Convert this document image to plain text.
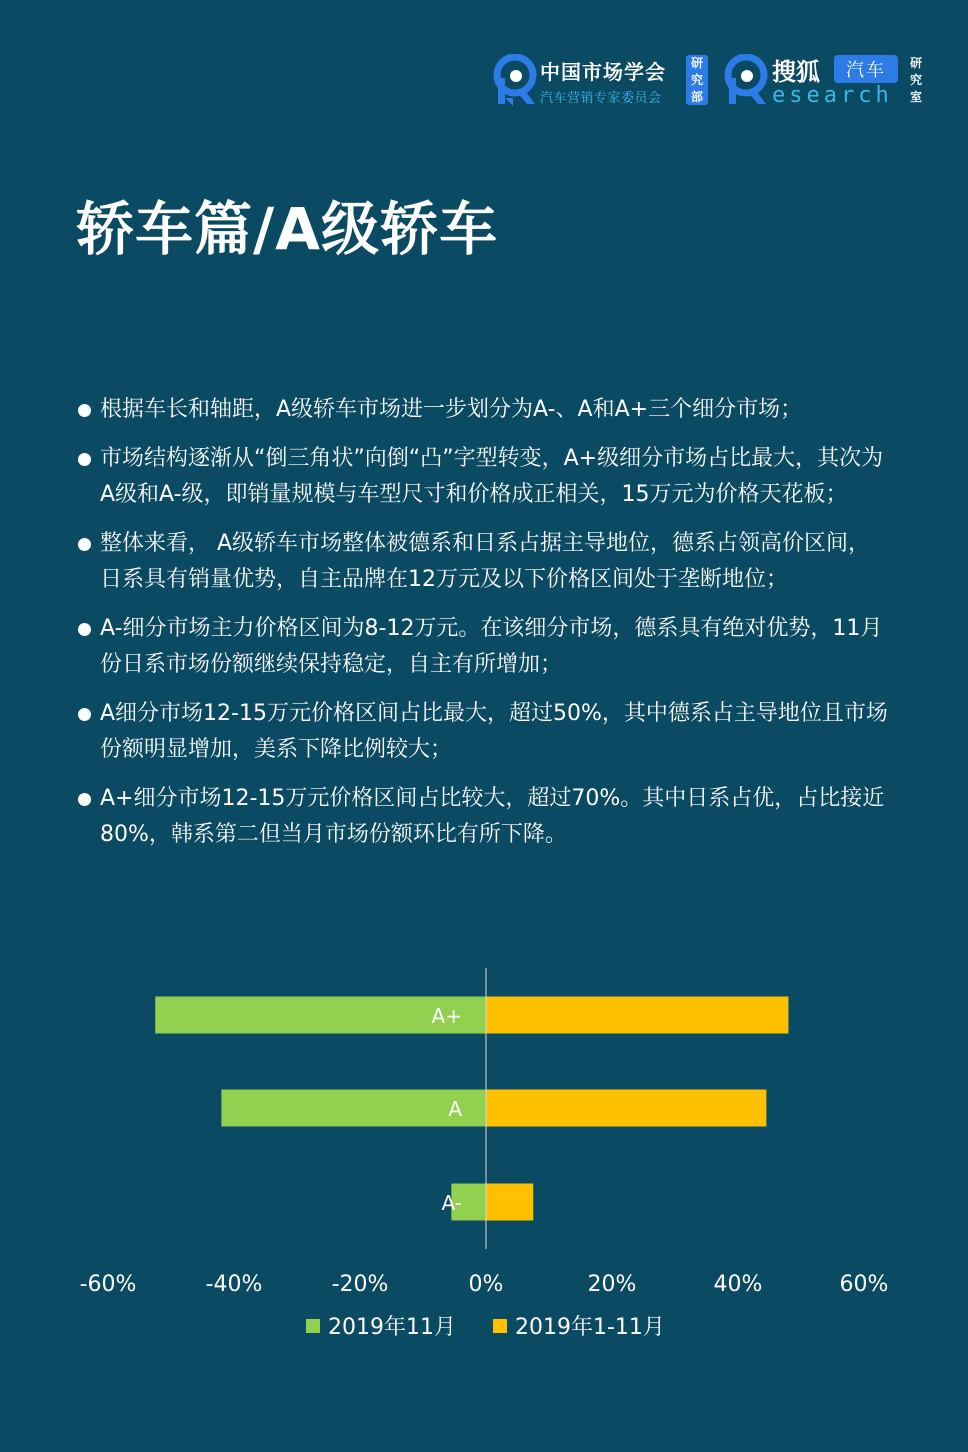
中国市场学会
汽车营销专家委员会
研
究
部
搜狐	汽车
esearch
研
究
室
轿车篇/A级轿车
根据车长和轴距，A级轿车市场进一步划分为A-、A和A+三个细分市场；
市场结构逐渐从“倒三角状”向倒“凸”字型转变，A+级细分市场占比最大，其次为A级和A-级，即销量规模与车型尺寸和价格成正相关，15万元为价格天花板；
整体来看， A级轿车市场整体被德系和日系占据主导地位，德系占领高价区间，日系具有销量优势，自主品牌在12万元及以下价格区间处于垄断地位；
A-细分市场主力价格区间为8-12万元。在该细分市场，德系具有绝对优势，11月份日系市场份额继续保持稳定，自主有所增加；
A细分市场12-15万元价格区间占比最大，超过50%，其中德系占主导地位且市场份额明显增加，美系下降比例较大；
A+细分市场12-15万元价格区间占比较大，超过70%。其中日系占优，占比接近80%，韩系第二但当月市场份额环比有所下降。
A+
A
A-
-60%	-40%	-20%	0%	20%	40%	60%
2019年11月	2019年1-11月
